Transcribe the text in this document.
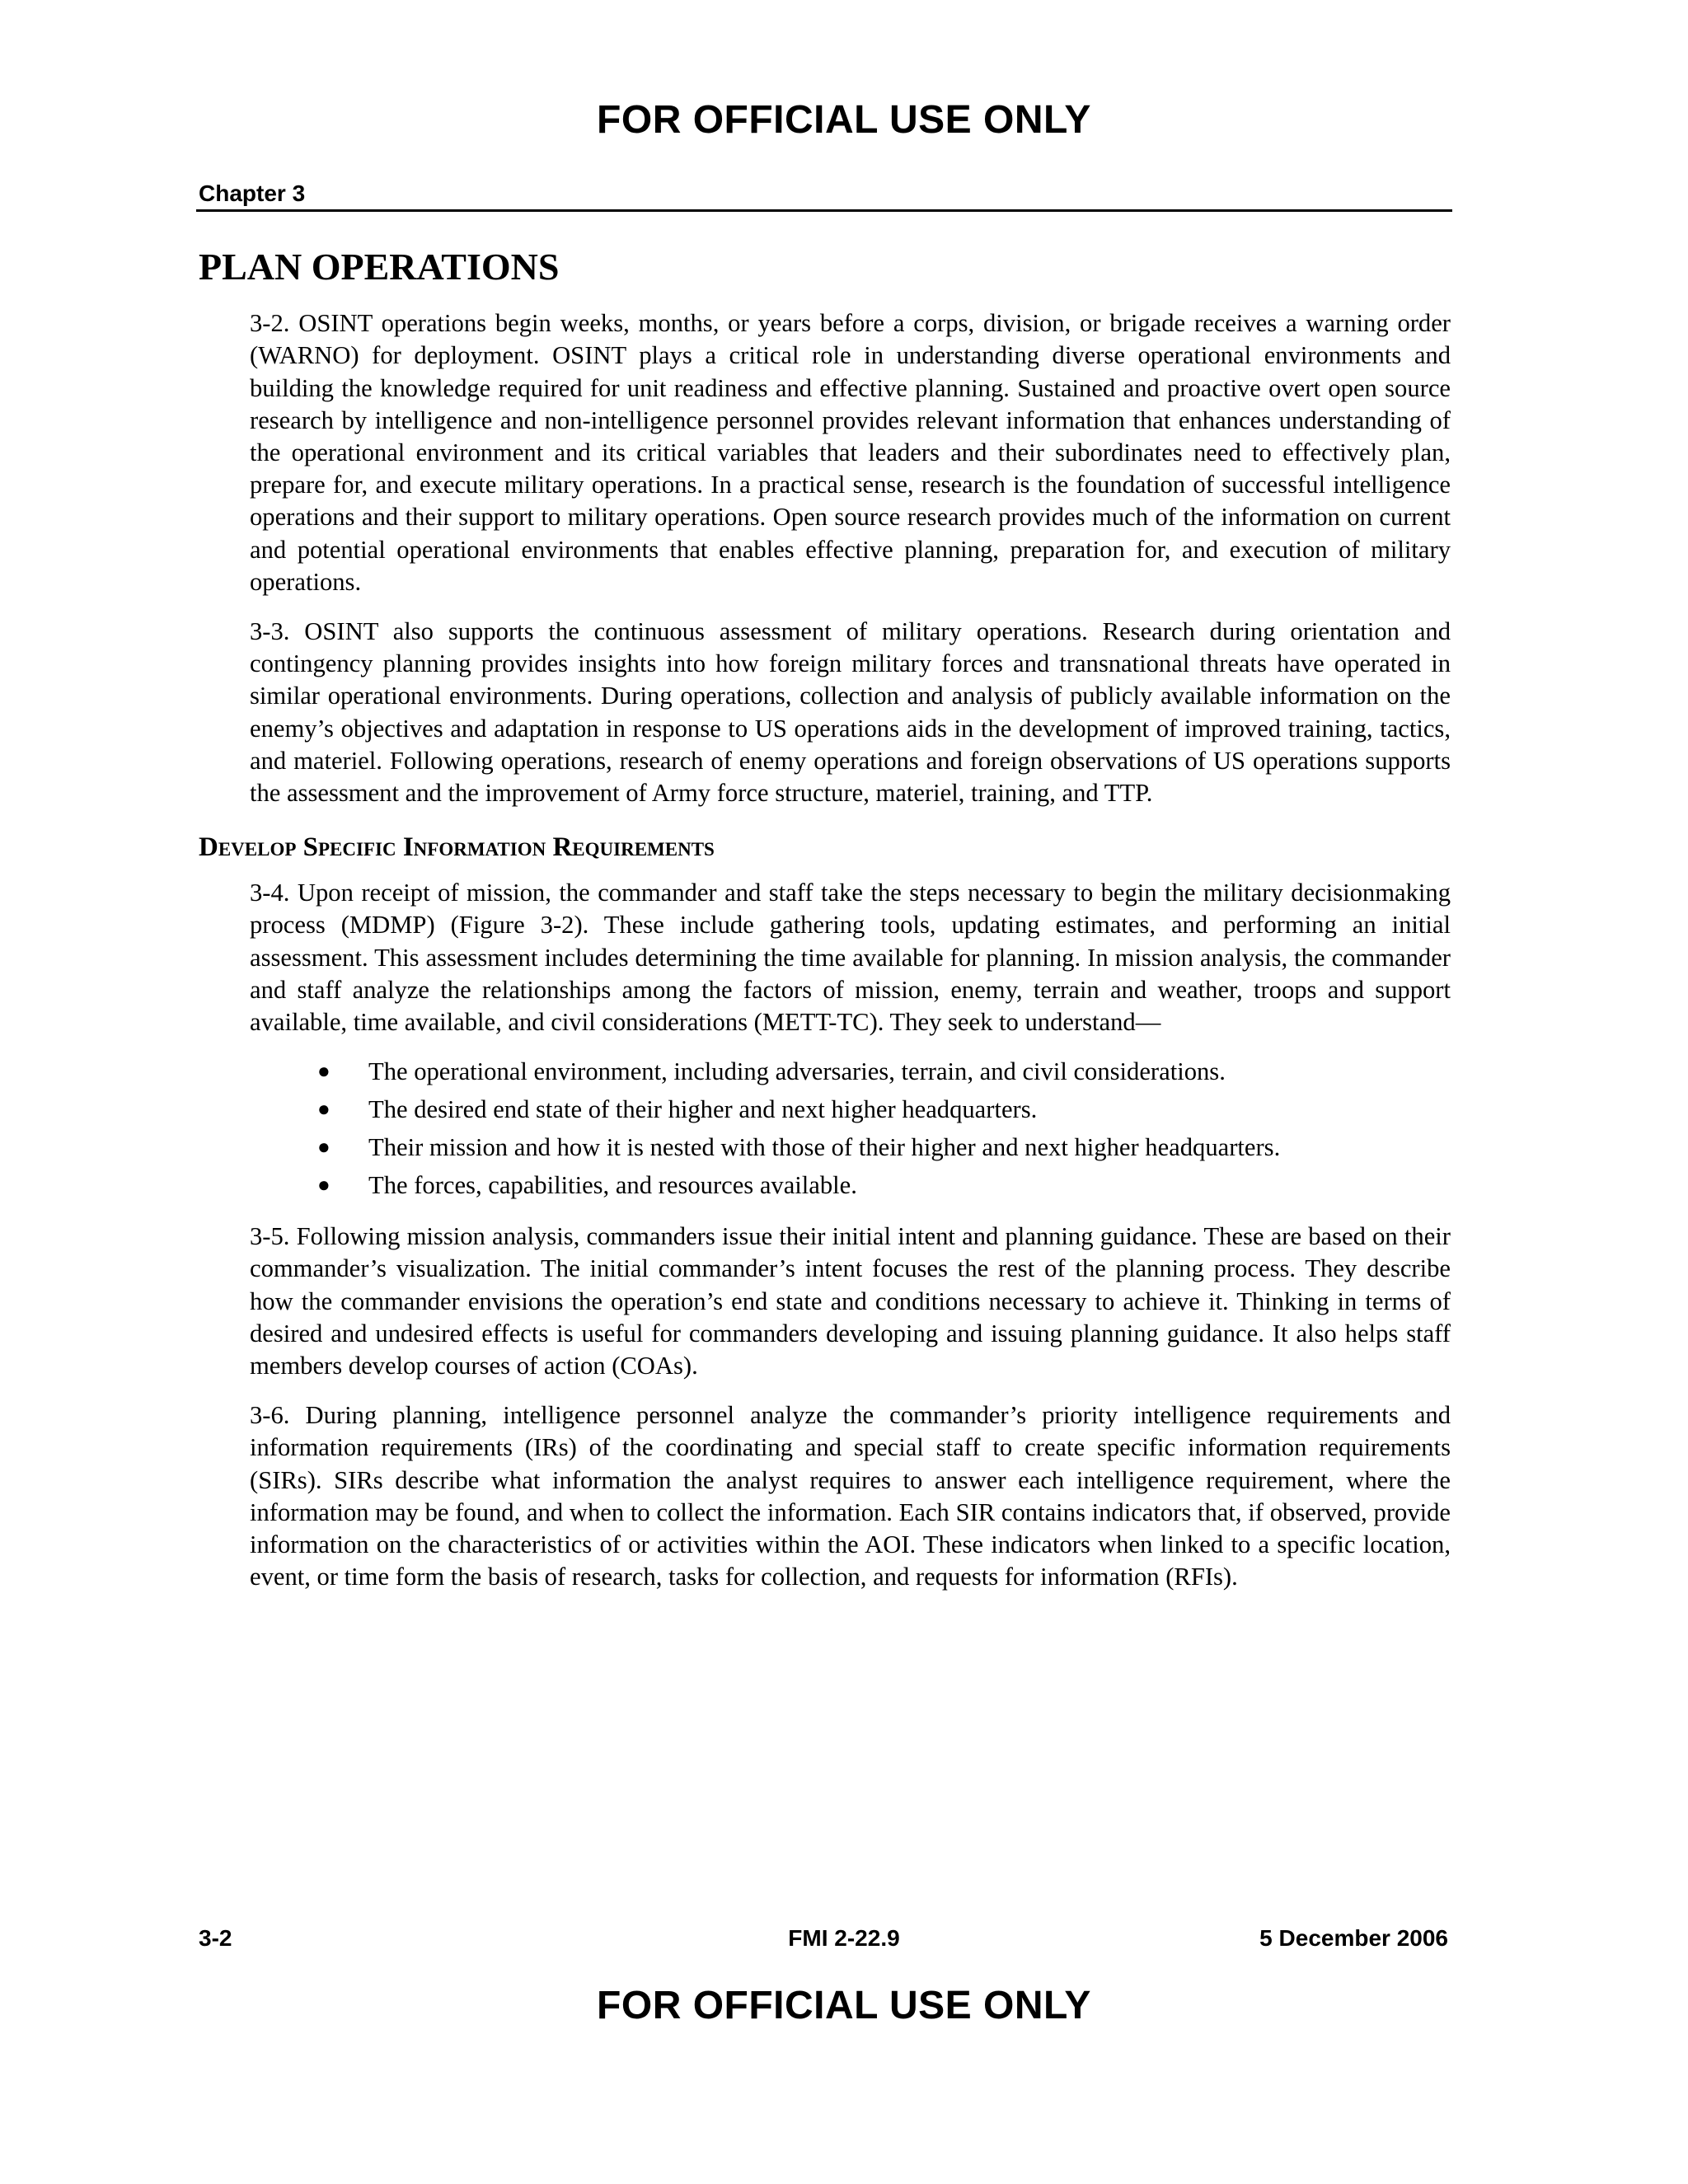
FOR OFFICIAL USE ONLY
Chapter 3
PLAN OPERATIONS

3-2. OSINT operations begin weeks, months, or years before a corps, division, or brigade receives a warning order (WARNO) for deployment. OSINT plays a critical role in understanding diverse operational environments and building the knowledge required for unit readiness and effective planning. Sustained and proactive overt open source research by intelligence and non-intelligence personnel provides relevant information that enhances understanding of the operational environment and its critical variables that leaders and their subordinates need to effectively plan, prepare for, and execute military operations. In a practical sense, research is the foundation of successful intelligence operations and their support to military operations. Open source research provides much of the information on current and potential operational environments that enables effective planning, preparation for, and execution of military operations.

3-3. OSINT also supports the continuous assessment of military operations. Research during orientation and contingency planning provides insights into how foreign military forces and transnational threats have operated in similar operational environments. During operations, collection and analysis of publicly available information on the enemy’s objectives and adaptation in response to US operations aids in the development of improved training, tactics, and materiel. Following operations, research of enemy operations and foreign observations of US operations supports the assessment and the improvement of Army force structure, materiel, training, and TTP.

Develop Specific Information Requirements

3-4. Upon receipt of mission, the commander and staff take the steps necessary to begin the military decisionmaking process (MDMP) (Figure 3-2). These include gathering tools, updating estimates, and performing an initial assessment. This assessment includes determining the time available for planning. In mission analysis, the commander and staff analyze the relationships among the factors of mission, enemy, terrain and weather, troops and support available, time available, and civil considerations (METT-TC). They seek to understand—

● The operational environment, including adversaries, terrain, and civil considerations.
● The desired end state of their higher and next higher headquarters.
● Their mission and how it is nested with those of their higher and next higher headquarters.
● The forces, capabilities, and resources available.

3-5. Following mission analysis, commanders issue their initial intent and planning guidance. These are based on their commander’s visualization. The initial commander’s intent focuses the rest of the planning process. They describe how the commander envisions the operation’s end state and conditions necessary to achieve it. Thinking in terms of desired and undesired effects is useful for commanders developing and issuing planning guidance. It also helps staff members develop courses of action (COAs).

3-6. During planning, intelligence personnel analyze the commander’s priority intelligence requirements and information requirements (IRs) of the coordinating and special staff to create specific information requirements (SIRs). SIRs describe what information the analyst requires to answer each intelligence requirement, where the information may be found, and when to collect the information. Each SIR contains indicators that, if observed, provide information on the characteristics of or activities within the AOI. These indicators when linked to a specific location, event, or time form the basis of research, tasks for collection, and requests for information (RFIs).

3-2	FMI 2-22.9	5 December 2006
FOR OFFICIAL USE ONLY
